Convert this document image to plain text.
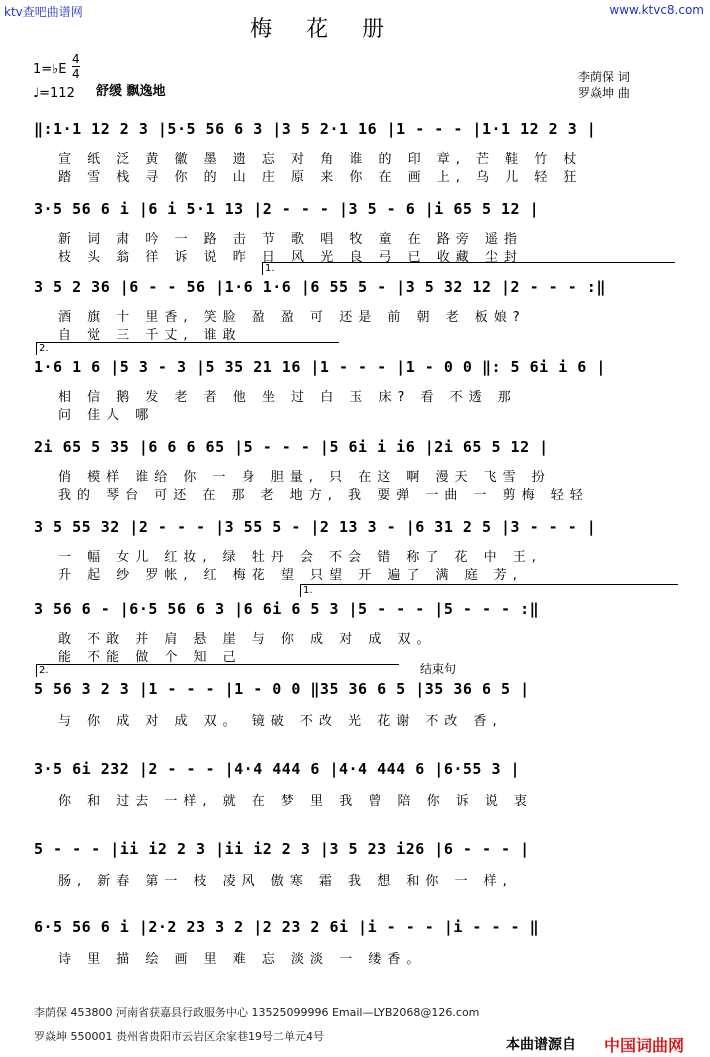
ktv查吧曲谱网	www.ktvc8.com
梅花册
1=♭E
4
4
♩=112 舒缓 飘逸地
李荫保 词
罗焱坤 曲
‖:1·1 12 2 3 |5·5 56 6 3 |3 5 2·1 16 |1 - - - |1·1 12 2 3 |
宣 纸 泛 黄 徽 墨 遗 忘 对 角 谁 的 印 章, 芒 鞋 竹 杖
踏 雪 栈 寻 你 的 山 庄 原 来 你 在 画 上, 乌 儿 轻 狂
3·5 56 6 i |6 i 5·1 13 |2 - - - |3 5 - 6 |i 65 5 12 |
新 词 肃 吟 一 路 击 节 歌 唱 牧 童 在 路旁 遥指
枝 头 翁 徉 诉 说 昨 日 风 光 良 弓 已 收藏 尘封
1.
3 5 2 36 |6 - - 56 |1·6 1·6 |6 55 5 - |3 5 32 12 |2 - - - :‖
酒 旗 十 里香, 笑脸 盈 盈 可 还是 前 朝 老 板娘?
自 觉 三 千丈, 谁敢
2.
1·6 1 6 |5 3 - 3 |5 35 21 16 |1 - - - |1 - 0 0 ‖: 5 6i i 6 |
相 信 鹅 发 老 者 他 坐 过 白 玉 床? 看 不透 那
问 佳人 哪
2i 65 5 35 |6 6 6 65 |5 - - - |5 6i i i6 |2i 65 5 12 |
俏 模样 谁给 你 一 身 胆量, 只 在这 啊 漫天 飞雪 扮
我的 琴台 可还 在 那 老 地方, 我 要弹 一曲 一 剪梅 轻轻
3 5 55 32 |2 - - - |3 55 5 - |2 13 3 - |6 31 2 5 |3 - - - |
一 幅 女儿 红妆, 绿 牡丹 会 不会 错 称了 花 中 王,
升 起 纱 罗帐, 红 梅花 望 只望 开 遍了 满 庭 芳,
1.
3 56 6 - |6·5 56 6 3 |6 6i 6 5 3 |5 - - - |5 - - - :‖
敢 不敢 并 肩 悬 崖 与 你 成 对 成 双。
能 不能 做 个 知 己
2.	结束句
5 56 3 2 3 |1 - - - |1 - 0 0 ‖35 36 6 5 |35 36 6 5 |
与 你 成 对 成 双。 镜破 不改 光 花谢 不改 香,
3·5 6i 232 |2 - - - |4·4 444 6 |4·4 444 6 |6·55 3 |
你 和 过去 一样, 就 在 梦 里 我 曾 陪 你 诉 说 衷
5 - - - |ii i2 2 3 |ii i2 2 3 |3 5 23 i26 |6 - - - |
肠, 新春 第一 枝 凌风 傲寒 霜 我 想 和你 一 样,
6·5 56 6 i |2·2 23 3 2 |2 23 2 6i |i - - - |i - - - ‖
诗 里 描 绘 画 里 难 忘 淡淡 一 缕香。
李荫保 453800 河南省获嘉县行政服务中心 13525099996 Email—LYB2068@126.com
罗焱坤 550001 贵州省贵阳市云岩区余家巷19号二单元4号
本曲谱源自 中国词曲网
